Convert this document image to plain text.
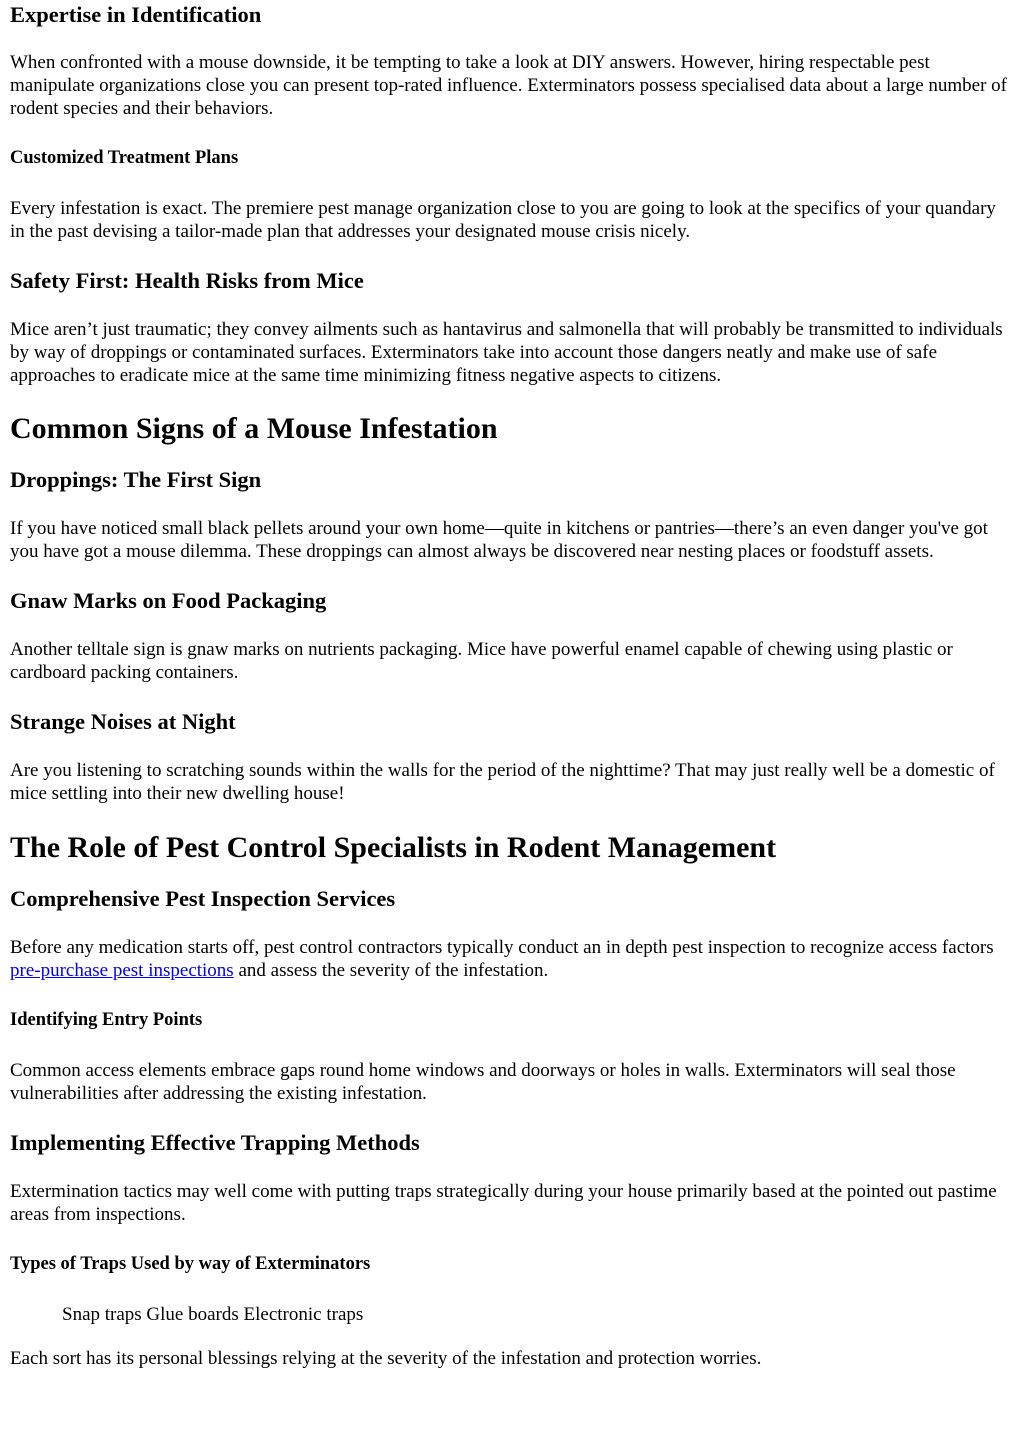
Expertise in Identification

When confronted with a mouse downside, it be tempting to take a look at DIY answers. However, hiring respectable pest manipulate organizations close you can present top-rated influence. Exterminators possess specialised data about a large number of rodent species and their behaviors.

Customized Treatment Plans

Every infestation is exact. The premiere pest manage organization close to you are going to look at the specifics of your quandary in the past devising a tailor-made plan that addresses your designated mouse crisis nicely.

Safety First: Health Risks from Mice

Mice aren’t just traumatic; they convey ailments such as hantavirus and salmonella that will probably be transmitted to individuals by way of droppings or contaminated surfaces. Exterminators take into account those dangers neatly and make use of safe approaches to eradicate mice at the same time minimizing fitness negative aspects to citizens.

Common Signs of a Mouse Infestation
Droppings: The First Sign

If you have noticed small black pellets around your own home—quite in kitchens or pantries—there’s an even danger you've got you have got a mouse dilemma. These droppings can almost always be discovered near nesting places or foodstuff assets.

Gnaw Marks on Food Packaging

Another telltale sign is gnaw marks on nutrients packaging. Mice have powerful enamel capable of chewing using plastic or cardboard packing containers.

Strange Noises at Night

Are you listening to scratching sounds within the walls for the period of the nighttime? That may just really well be a domestic of mice settling into their new dwelling house!

The Role of Pest Control Specialists in Rodent Management
Comprehensive Pest Inspection Services

Before any medication starts off, pest control contractors typically conduct an in depth pest inspection to recognize access factors pre-purchase pest inspections and assess the severity of the infestation.

Identifying Entry Points

Common access elements embrace gaps round home windows and doorways or holes in walls. Exterminators will seal those vulnerabilities after addressing the existing infestation.

Implementing Effective Trapping Methods

Extermination tactics may well come with putting traps strategically during your house primarily based at the pointed out pastime areas from inspections.

Types of Traps Used by way of Exterminators
Snap traps Glue boards Electronic traps

Each sort has its personal blessings relying at the severity of the infestation and protection worries.
